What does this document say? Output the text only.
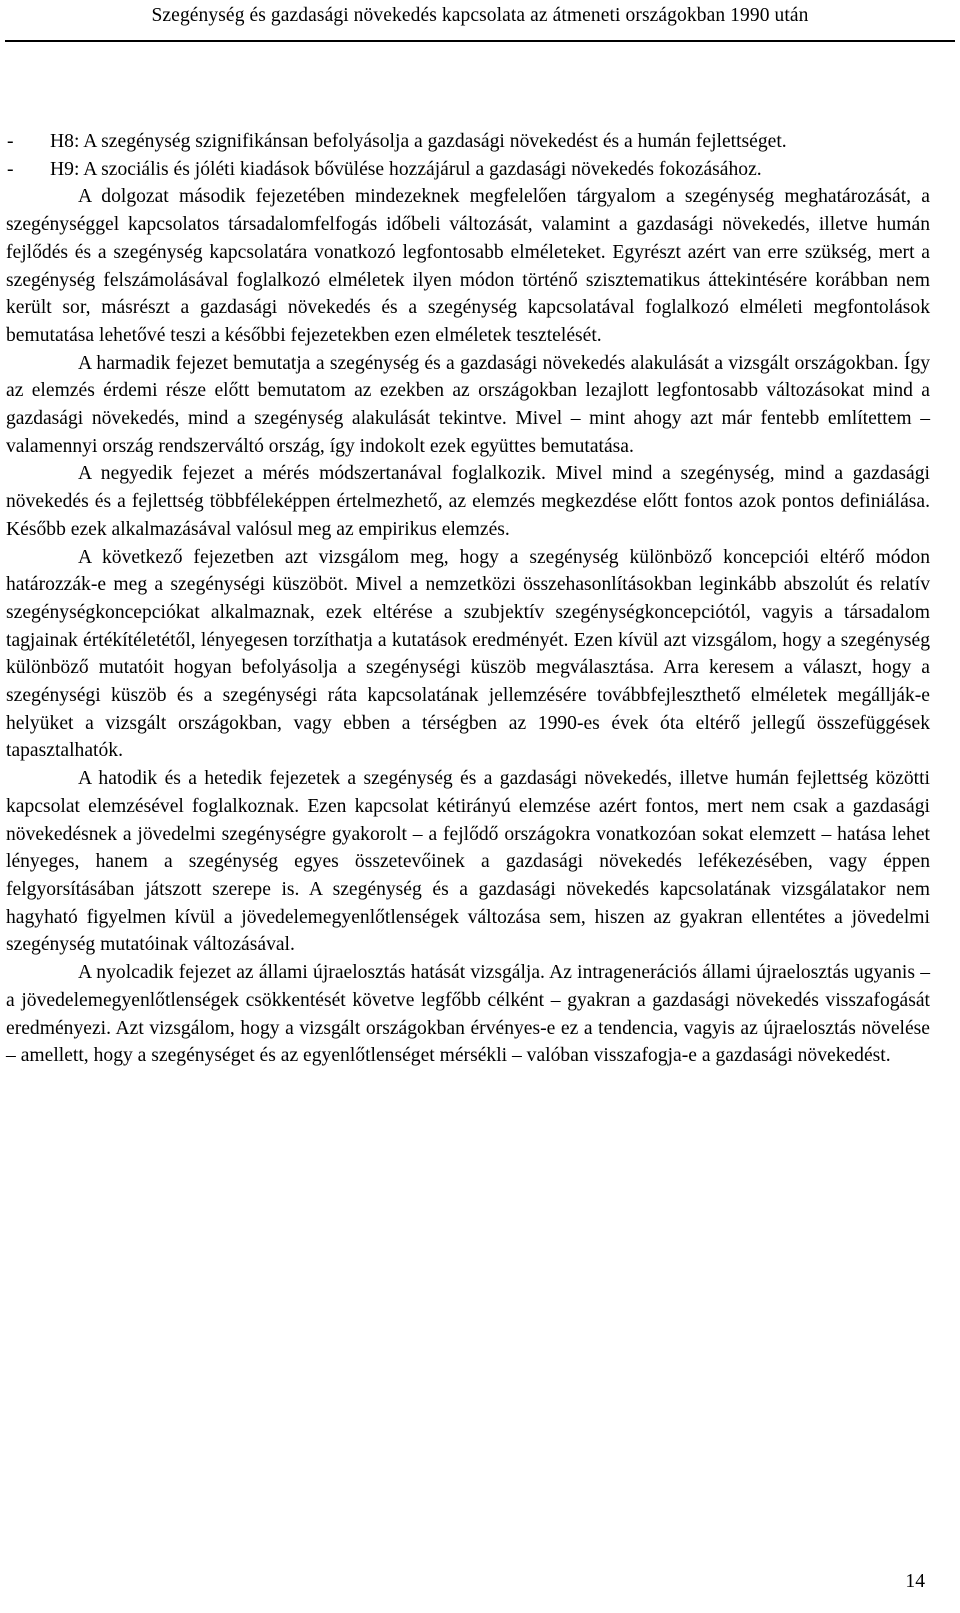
Szegénység és gazdasági növekedés kapcsolata az átmeneti országokban 1990 után
-	H8: A szegénység szignifikánsan befolyásolja a gazdasági növekedést és a humán fejlettséget.
-	H9: A szociális és jóléti kiadások bővülése hozzájárul a gazdasági növekedés fokozásához.

A dolgozat második fejezetében mindezeknek megfelelően tárgyalom a szegénység meghatározását, a szegénységgel kapcsolatos társadalomfelfogás időbeli változását, valamint a gazdasági növekedés, illetve humán fejlődés és a szegénység kapcsolatára vonatkozó legfontosabb elméleteket. Egyrészt azért van erre szükség, mert a szegénység felszámolásával foglalkozó elméletek ilyen módon történő szisztematikus áttekintésére korábban nem került sor, másrészt a gazdasági növekedés és a szegénység kapcsolatával foglalkozó elméleti megfontolások bemutatása lehetővé teszi a későbbi fejezetekben ezen elméletek tesztelését.

A harmadik fejezet bemutatja a szegénység és a gazdasági növekedés alakulását a vizsgált országokban. Így az elemzés érdemi része előtt bemutatom az ezekben az országokban lezajlott legfontosabb változásokat mind a gazdasági növekedés, mind a szegénység alakulását tekintve. Mivel – mint ahogy azt már fentebb említettem – valamennyi ország rendszerváltó ország, így indokolt ezek együttes bemutatása.

A negyedik fejezet a mérés módszertanával foglalkozik. Mivel mind a szegénység, mind a gazdasági növekedés és a fejlettség többféleképpen értelmezhető, az elemzés megkezdése előtt fontos azok pontos definiálása. Később ezek alkalmazásával valósul meg az empirikus elemzés.

A következő fejezetben azt vizsgálom meg, hogy a szegénység különböző koncepciói eltérő módon határozzák-e meg a szegénységi küszöböt. Mivel a nemzetközi összehasonlításokban leginkább abszolút és relatív szegénységkoncepciókat alkalmaznak, ezek eltérése a szubjektív szegénységkoncepciótól, vagyis a társadalom tagjainak értékítéletétől, lényegesen torzíthatja a kutatások eredményét. Ezen kívül azt vizsgálom, hogy a szegénység különböző mutatóit hogyan befolyásolja a szegénységi küszöb megválasztása. Arra keresem a választ, hogy a szegénységi küszöb és a szegénységi ráta kapcsolatának jellemzésére továbbfejleszthető elméletek megállják-e helyüket a vizsgált országokban, vagy ebben a térségben az 1990-es évek óta eltérő jellegű összefüggések tapasztalhatók.

A hatodik és a hetedik fejezetek a szegénység és a gazdasági növekedés, illetve humán fejlettség közötti kapcsolat elemzésével foglalkoznak. Ezen kapcsolat kétirányú elemzése azért fontos, mert nem csak a gazdasági növekedésnek a jövedelmi szegénységre gyakorolt – a fejlődő országokra vonatkozóan sokat elemzett – hatása lehet lényeges, hanem a szegénység egyes összetevőinek a gazdasági növekedés lefékezésében, vagy éppen felgyorsításában játszott szerepe is. A szegénység és a gazdasági növekedés kapcsolatának vizsgálatakor nem hagyható figyelmen kívül a jövedelemegyenlőtlenségek változása sem, hiszen az gyakran ellentétes a jövedelmi szegénység mutatóinak változásával.

A nyolcadik fejezet az állami újraelosztás hatását vizsgálja. Az intragenerációs állami újraelosztás ugyanis – a jövedelemegyenlőtlenségek csökkentését követve legfőbb célként – gyakran a gazdasági növekedés visszafogását eredményezi. Azt vizsgálom, hogy a vizsgált országokban érvényes-e ez a tendencia, vagyis az újraelosztás növelése – amellett, hogy a szegénységet és az egyenlőtlenséget mérsékli – valóban visszafogja-e a gazdasági növekedést.

14
